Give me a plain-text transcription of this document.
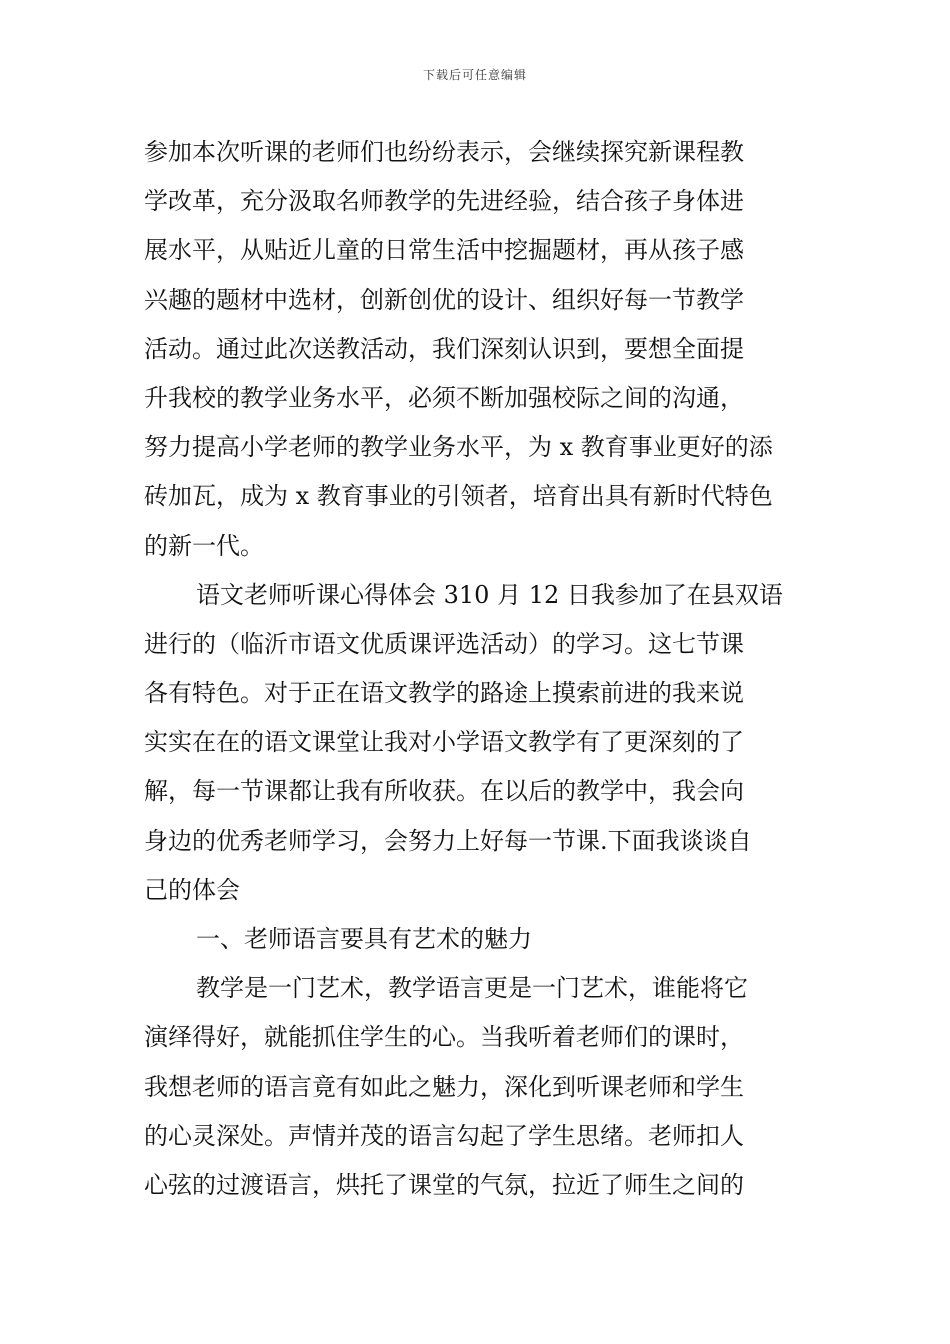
下载后可任意编辑
参加本次听课的老师们也纷纷表示，会继续探究新课程教
学改革，充分汲取名师教学的先进经验，结合孩子身体进
展水平，从贴近儿童的日常生活中挖掘题材，再从孩子感
兴趣的题材中选材，创新创优的设计、组织好每一节教学
活动。通过此次送教活动，我们深刻认识到，要想全面提
升我校的教学业务水平，必须不断加强校际之间的沟通，
努力提高小学老师的教学业务水平，为 x 教育事业更好的添
砖加瓦，成为 x 教育事业的引领者，培育出具有新时代特色
的新一代。
语文老师听课心得体会 310 月 12 日我参加了在县双语
进行的（临沂市语文优质课评选活动）的学习。这七节课
各有特色。对于正在语文教学的路途上摸索前进的我来说
实实在在的语文课堂让我对小学语文教学有了更深刻的了
解，每一节课都让我有所收获。在以后的教学中，我会向
身边的优秀老师学习，会努力上好每一节课.下面我谈谈自
己的体会
一、老师语言要具有艺术的魅力
教学是一门艺术，教学语言更是一门艺术，谁能将它
演绎得好，就能抓住学生的心。当我听着老师们的课时，
我想老师的语言竟有如此之魅力，深化到听课老师和学生
的心灵深处。声情并茂的语言勾起了学生思绪。老师扣人
心弦的过渡语言，烘托了课堂的气氛，拉近了师生之间的
